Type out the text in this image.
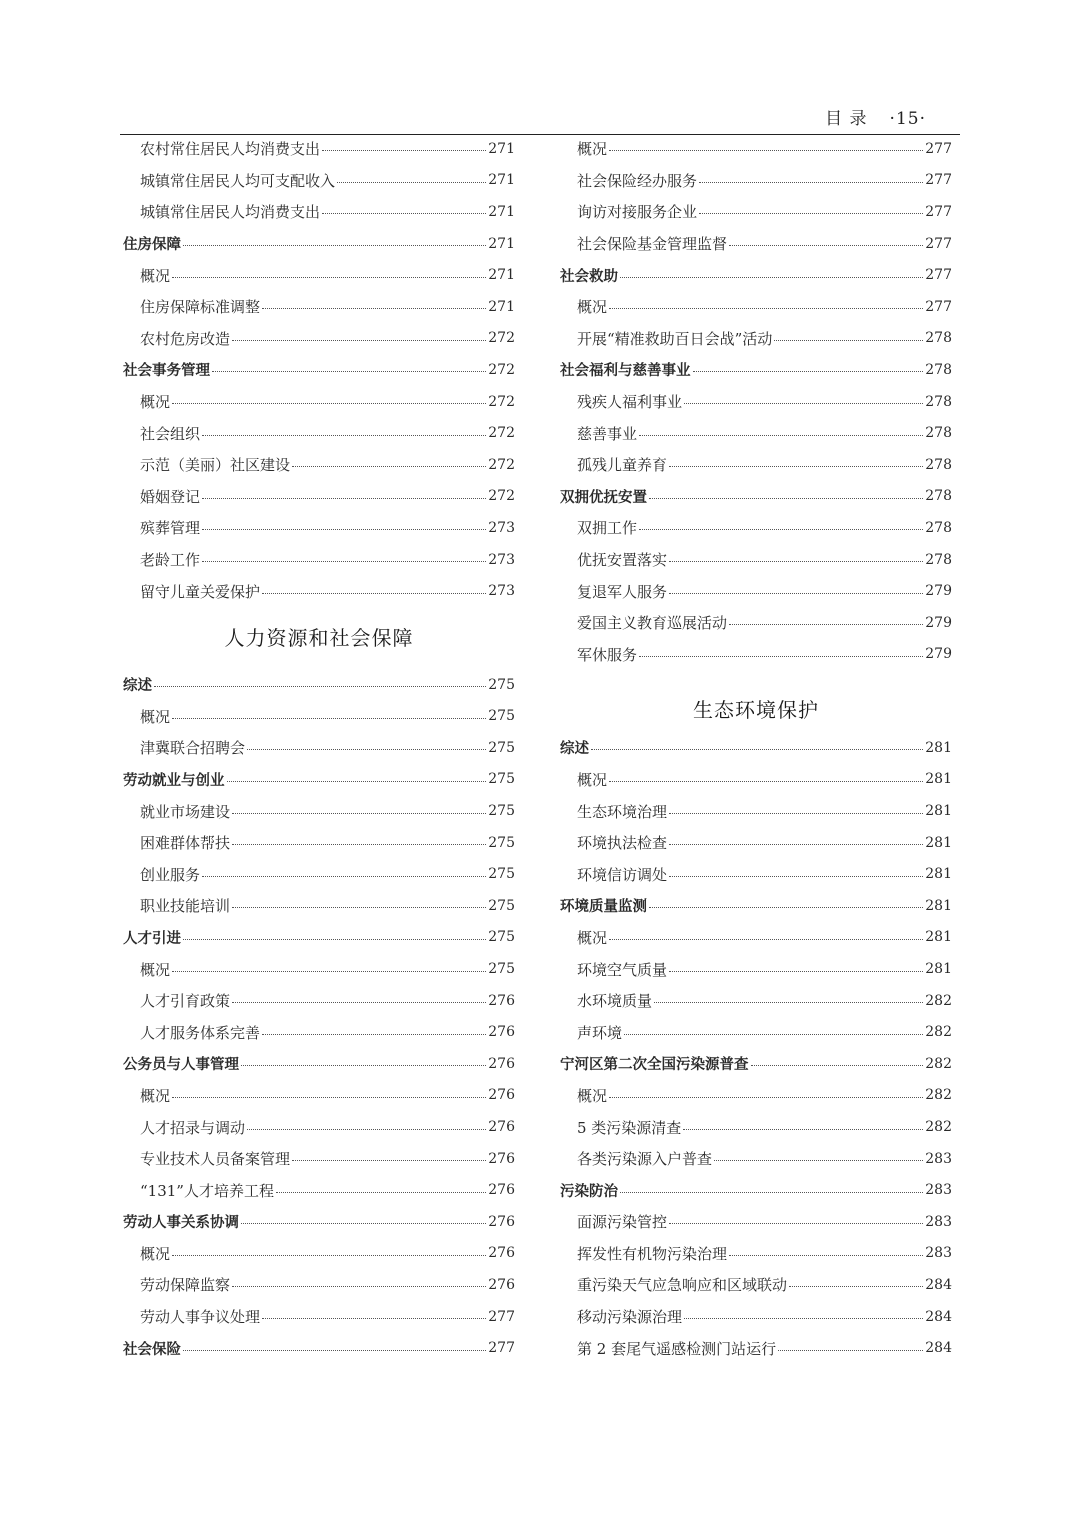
目 录 ·15·
农村常住居民人均消费支出	271
城镇常住居民人均可支配收入	271
城镇常住居民人均消费支出	271
住房保障	271
概况	271
住房保障标准调整	271
农村危房改造	272
社会事务管理	272
概况	272
社会组织	272
示范（美丽）社区建设	272
婚姻登记	272
殡葬管理	273
老龄工作	273
留守儿童关爱保护	273
人力资源和社会保障
综述	275
概况	275
津冀联合招聘会	275
劳动就业与创业	275
就业市场建设	275
困难群体帮扶	275
创业服务	275
职业技能培训	275
人才引进	275
概况	275
人才引育政策	276
人才服务体系完善	276
公务员与人事管理	276
概况	276
人才招录与调动	276
专业技术人员备案管理	276
“131”人才培养工程	276
劳动人事关系协调	276
概况	276
劳动保障监察	276
劳动人事争议处理	277
社会保险	277
概况	277
社会保险经办服务	277
询访对接服务企业	277
社会保险基金管理监督	277
社会救助	277
概况	277
开展“精准救助百日会战”活动	278
社会福利与慈善事业	278
残疾人福利事业	278
慈善事业	278
孤残儿童养育	278
双拥优抚安置	278
双拥工作	278
优抚安置落实	278
复退军人服务	279
爱国主义教育巡展活动	279
军休服务	279
生态环境保护
综述	281
概况	281
生态环境治理	281
环境执法检查	281
环境信访调处	281
环境质量监测	281
概况	281
环境空气质量	281
水环境质量	282
声环境	282
宁河区第二次全国污染源普查	282
概况	282
5 类污染源清查	282
各类污染源入户普查	283
污染防治	283
面源污染管控	283
挥发性有机物污染治理	283
重污染天气应急响应和区域联动	284
移动污染源治理	284
第 2 套尾气遥感检测门站运行	284
